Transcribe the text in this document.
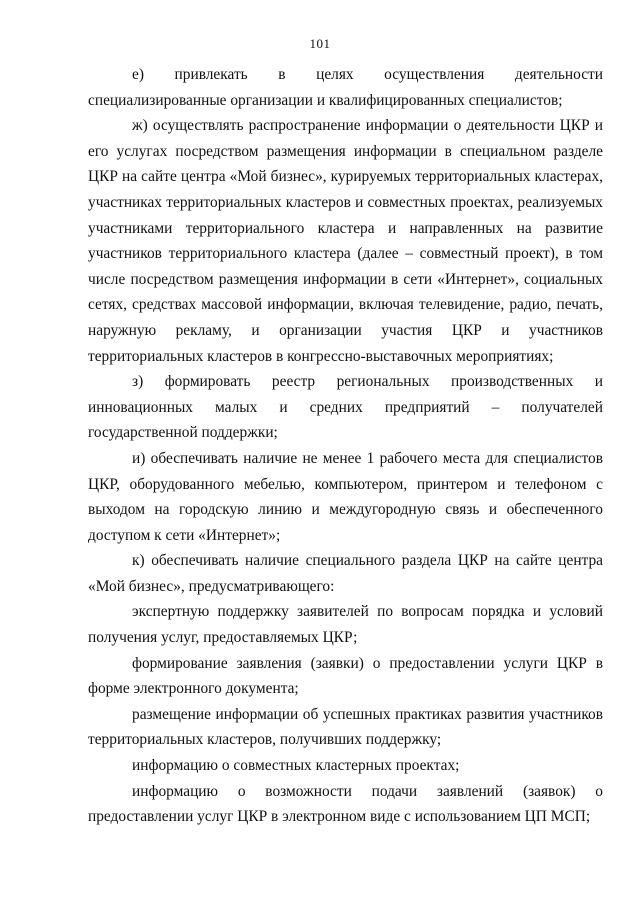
101

е) привлекать в целях осуществления деятельности специализированные организации и квалифицированных специалистов;

ж) осуществлять распространение информации о деятельности ЦКР и его услугах посредством размещения информации в специальном разделе ЦКР на сайте центра «Мой бизнес», курируемых территориальных кластерах, участниках территориальных кластеров и совместных проектах, реализуемых участниками территориального кластера и направленных на развитие участников территориального кластера (далее – совместный проект), в том числе посредством размещения информации в сети «Интернет», социальных сетях, средствах массовой информации, включая телевидение, радио, печать, наружную рекламу, и организации участия ЦКР и участников территориальных кластеров в конгрессно-выставочных мероприятиях;

з) формировать реестр региональных производственных и инновационных малых и средних предприятий – получателей государственной поддержки;

и) обеспечивать наличие не менее 1 рабочего места для специалистов ЦКР, оборудованного мебелью, компьютером, принтером и телефоном с выходом на городскую линию и междугородную связь и обеспеченного доступом к сети «Интернет»;

к) обеспечивать наличие специального раздела ЦКР на сайте центра «Мой бизнес», предусматривающего:

экспертную поддержку заявителей по вопросам порядка и условий получения услуг, предоставляемых ЦКР;

формирование заявления (заявки) о предоставлении услуги ЦКР в форме электронного документа;

размещение информации об успешных практиках развития участников территориальных кластеров, получивших поддержку;

информацию о совместных кластерных проектах;

информацию о возможности подачи заявлений (заявок) о предоставлении услуг ЦКР в электронном виде с использованием ЦП МСП;
